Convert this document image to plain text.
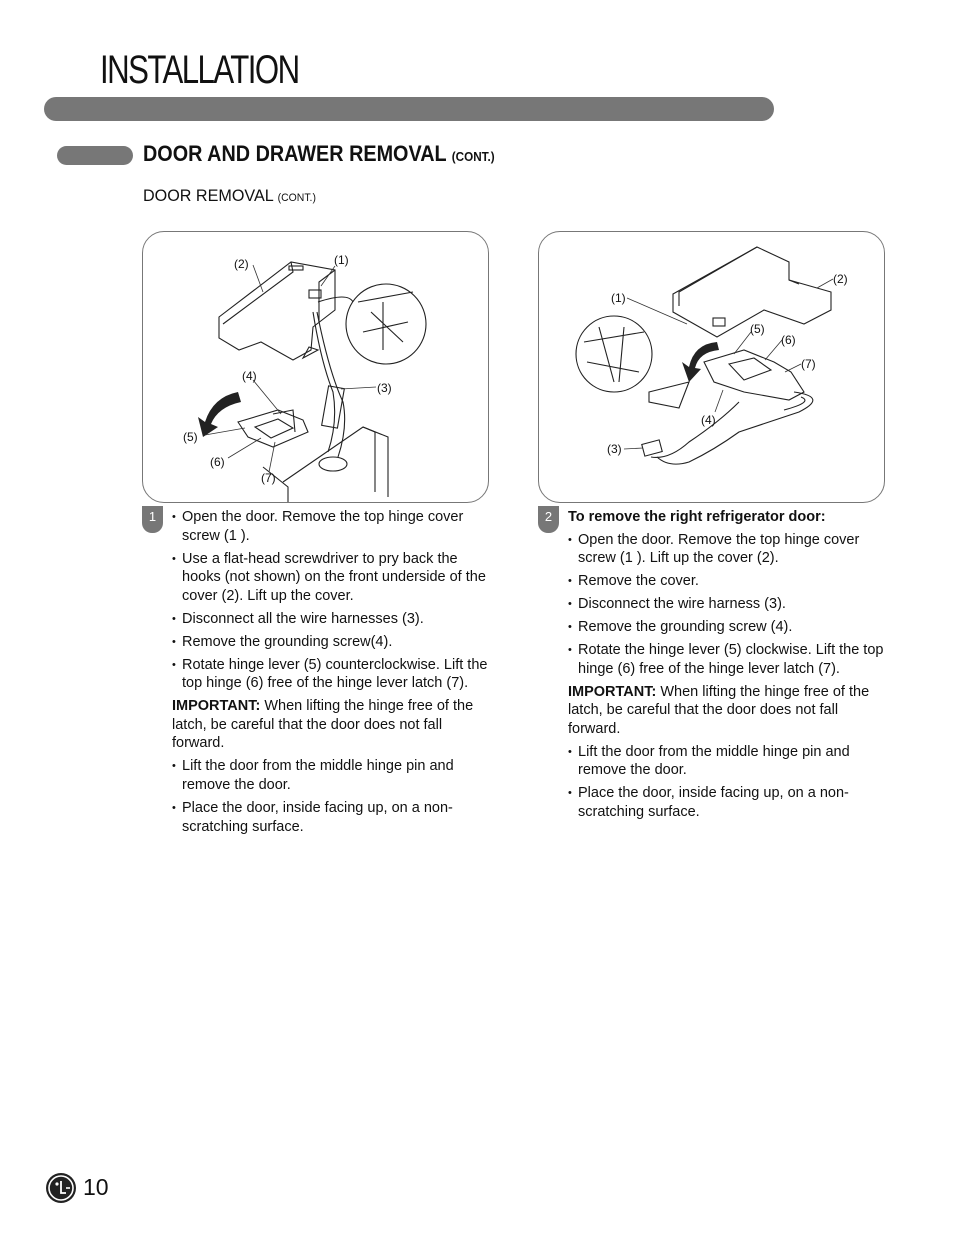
INSTALLATION
DOOR AND DRAWER REMOVAL (CONT.)
DOOR REMOVAL (CONT.)
(2)	(1)
(3)
(4)
(5)
(6)
(7)
(1)
(2)
(5)
(6)
(7)
(4)
(3)
1
•	Open the door. Remove the top hinge cover screw (1 ).
• Use a flat-head screwdriver to pry back the hooks (not shown) on the front underside of the cover (2). Lift up the cover.
• Disconnect all the wire harnesses (3).
• Remove the grounding screw(4).
• Rotate hinge lever (5) counterclockwise. Lift the top hinge (6) free of the hinge lever latch (7).

IMPORTANT: When lifting the hinge free of the latch, be careful that the door does not fall forward.

• Lift the door from the middle hinge pin and remove the door.
• Place the door, inside facing up, on a non-scratching surface.
2	To remove the right refrigerator door:
• Open the door. Remove the top hinge cover screw (1 ). Lift up the cover (2).
• Remove the cover.
• Disconnect the wire harness (3).
• Remove the grounding screw (4).
• Rotate the hinge lever (5) clockwise. Lift the top hinge (6) free of the hinge lever latch (7).

IMPORTANT: When lifting the hinge free of the latch, be careful that the door does not fall forward.

• Lift the door from the middle hinge pin and remove the door.
• Place the door, inside facing up, on a non-scratching surface.
10
